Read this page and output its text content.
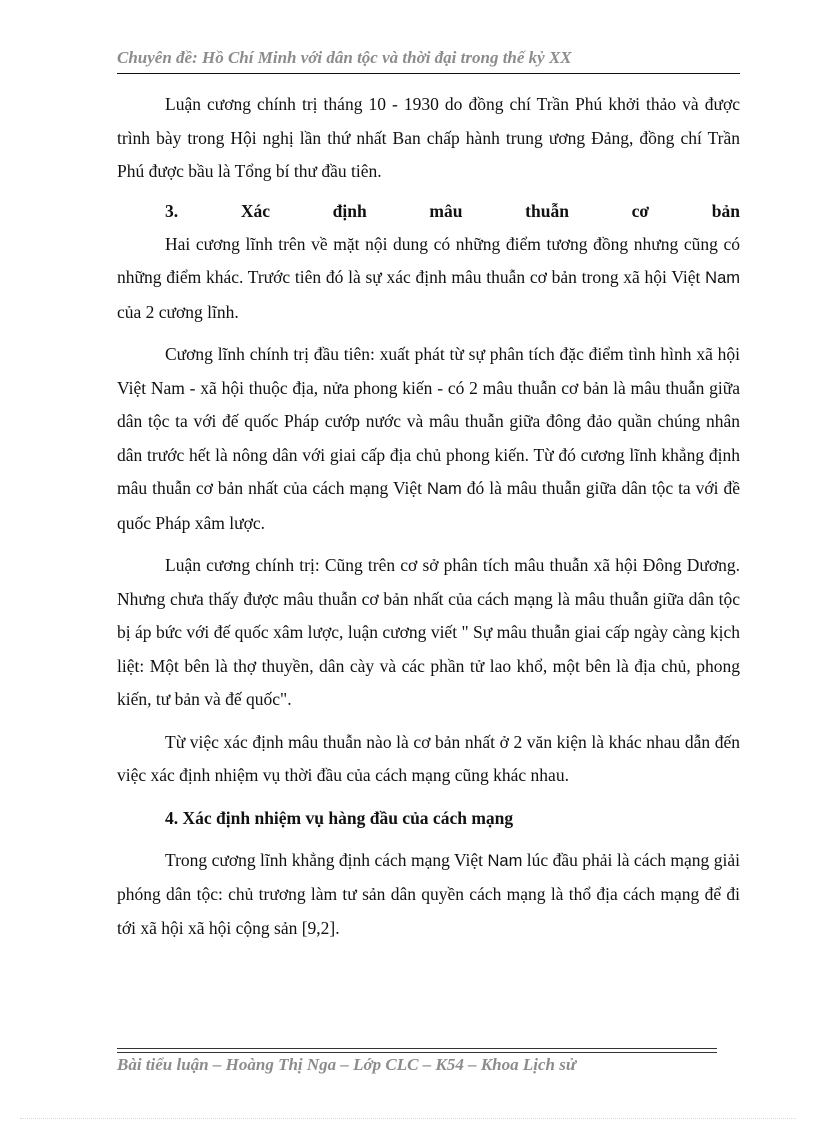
Chuyên đề: Hồ Chí Minh với dân tộc và thời đại trong thế kỷ XX

Luận cương chính trị tháng 10 - 1930 do đồng chí Trần Phú khởi thảo và được trình bày trong Hội nghị lần thứ nhất Ban chấp hành trung ương Đảng, đồng chí Trần Phú được bầu là Tổng bí thư đầu tiên.

3.	Xác	định	mâu	thuẫn	cơ	bản

Hai cương lĩnh trên về mặt nội dung có những điểm tương đồng nhưng cũng có những điểm khác. Trước tiên đó là sự xác định mâu thuẫn cơ bản trong xã hội Việt Nam của 2 cương lĩnh.

Cương lĩnh chính trị đầu tiên: xuất phát từ sự phân tích đặc điểm tình hình xã hội Việt Nam - xã hội thuộc địa, nửa phong kiến - có 2 mâu thuẫn cơ bản là mâu thuẫn giữa dân tộc ta với đế quốc Pháp cướp nước và mâu thuẫn giữa đông đảo quần chúng nhân dân trước hết là nông dân với giai cấp địa chủ phong kiến. Từ đó cương lĩnh khẳng định mâu thuẫn cơ bản nhất của cách mạng Việt Nam đó là mâu thuẫn giữa dân tộc ta với đề quốc Pháp xâm lược.

Luận cương chính trị: Cũng trên cơ sở phân tích mâu thuẫn xã hội Đông Dương. Nhưng chưa thấy được mâu thuẫn cơ bản nhất của cách mạng là mâu thuẫn giữa dân tộc bị áp bức với đế quốc xâm lược, luận cương viết " Sự mâu thuẫn giai cấp ngày càng kịch liệt: Một bên là thợ thuyền, dân cày và các phần tử lao khổ, một bên là địa chủ, phong kiến, tư bản và đế quốc".

Từ việc xác định mâu thuẫn nào là cơ bản nhất ở 2 văn kiện là khác nhau dẫn đến việc xác định nhiệm vụ thời đầu của cách mạng cũng khác nhau.

4. Xác định nhiệm vụ hàng đầu của cách mạng

Trong cương lĩnh khẳng định cách mạng Việt Nam lúc đầu phải là cách mạng giải phóng dân tộc: chủ trương làm tư sản dân quyền cách mạng là thổ địa cách mạng để đi tới xã hội xã hội cộng sản [9,2].

Bài tiểu luận – Hoàng Thị Nga – Lớp CLC – K54 – Khoa Lịch sử
